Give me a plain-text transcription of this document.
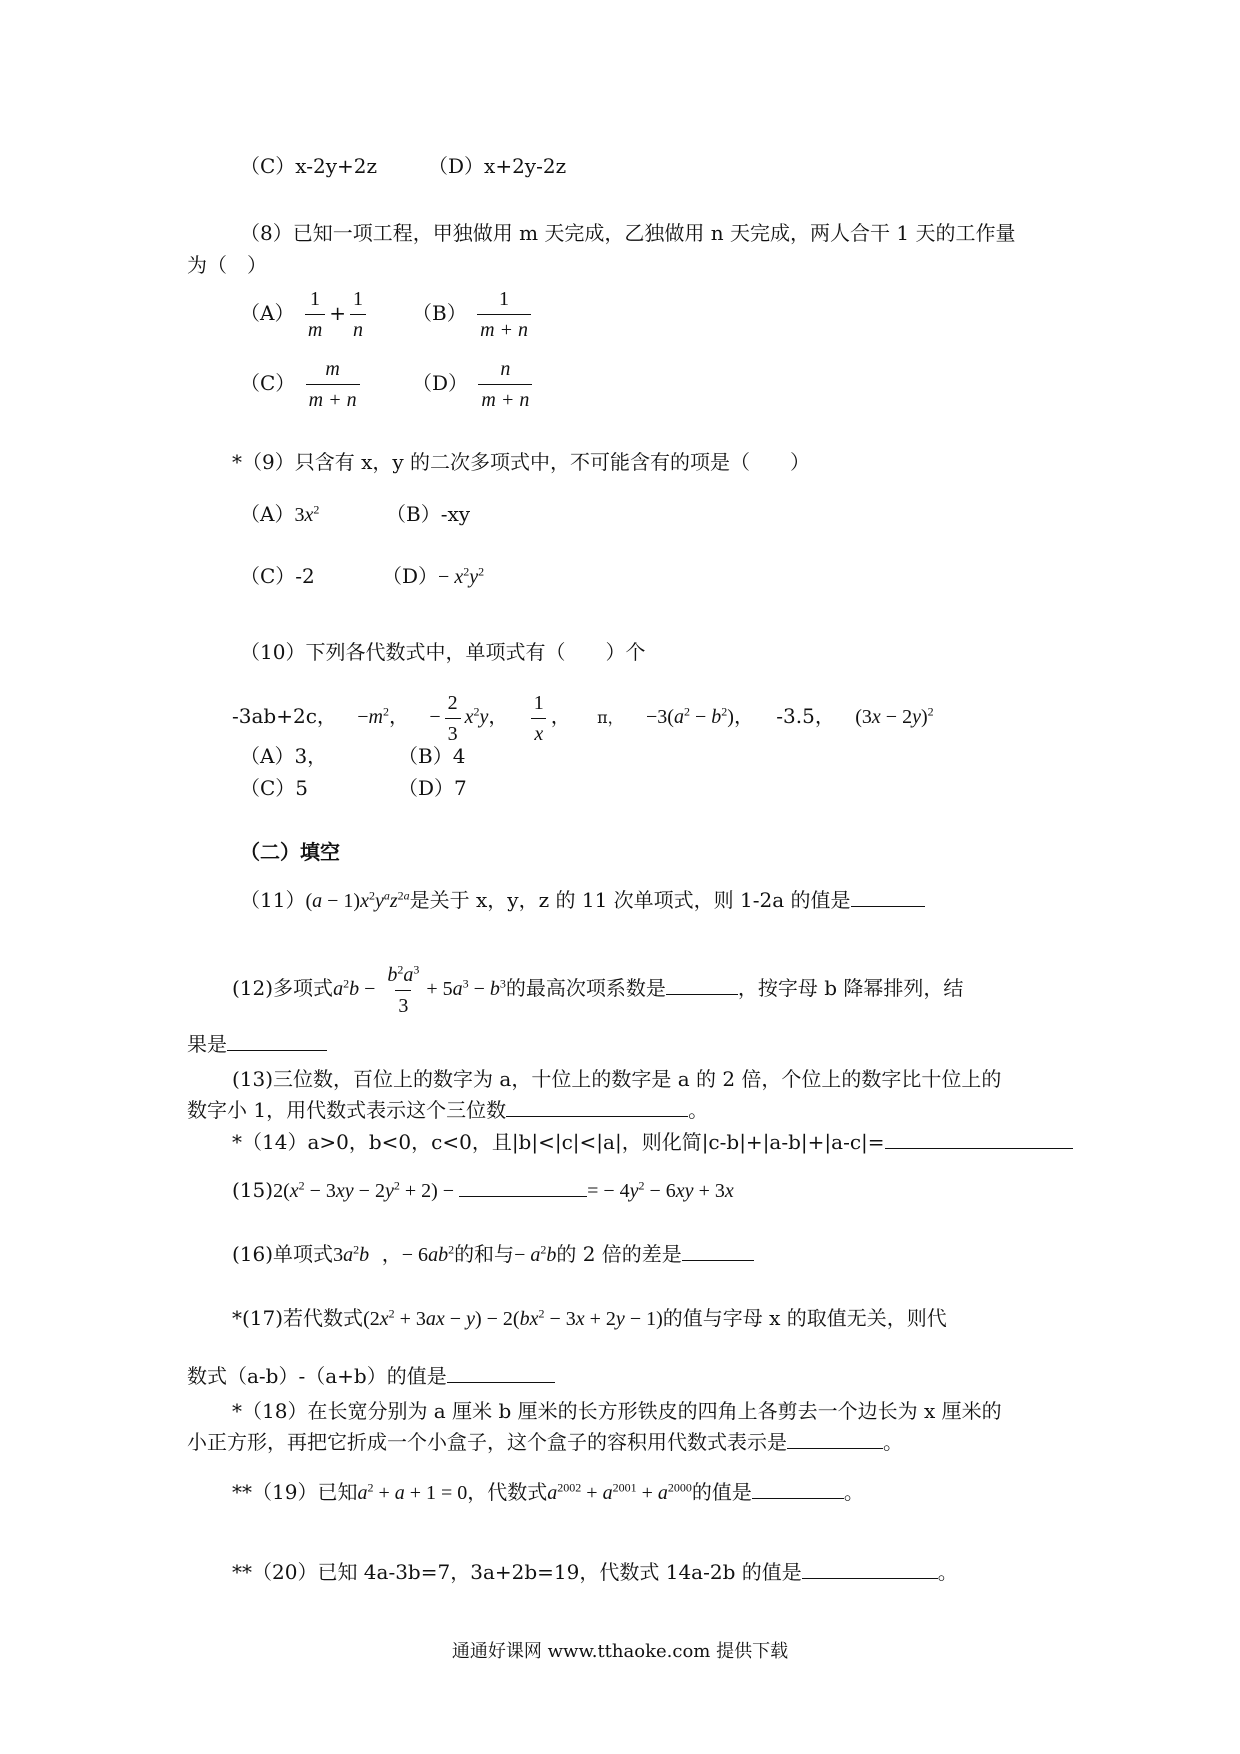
（C）x-2y+2z	（D）x+2y-2z
（8）已知一项工程，甲独做用 m 天完成，乙独做用 n 天完成，两人合干 1 天的工作量
为（　）
$(A) \frac{1}{m} + \frac{1}{n} (B) \frac{1}{m + n}$
$(C) \frac{m}{m + n}$	$(D) \frac{n}{m + n}$
*（9）只含有 x，y 的二次多项式中，不可能含有的项是（　　）
$(A)3x^2$	（B）-xy
（C）-2	$(D)- x^2y^2$
（10）下列各代数式中，单项式有（　　）个
-3ab+2c， $-m^2$， − $\frac{2}{3} x^2y$， $\frac{1}{x}$ ， π， $-3(a^2 - b^2)$， -3.5， $(3x - 2y)^2$
（A）3，	（B）4
（C）5	（D）7
（二）填空
$(11)(a - 1)x^2y^az^{2a}$是关于 x，y，z 的 11 次单项式，则 1-2a 的值是
(12)多项式$a^2b - \frac{b^2a^3}{3} + 5a^3 - b^3$的最高次项系数是	，按字母 b 降幂排列，结
果是
(13)三位数，百位上的数字为 a，十位上的数字是 a 的 2 倍，个位上的数字比十位上的
数字小 1，用代数式表示这个三位数	。
*（14）a>0，b<0，c<0，且|b|<|c|<|a|，则化简|c-b|+|a-b|+|a-c|=
$(15)2(x^2 - 3xy - 2y^2 + 2)$ −	= − $4y^2 - 6xy + 3x$
(16)单项式$3a^2b$ ，− $6ab^2$的和与− $a^2b$的 2 倍的差是
*(17)若代数式$(2x^2 + 3ax - y) - 2(bx^2 - 3x + 2y - 1)$的值与字母 x 的取值无关，则代
数式（a-b）-（a+b）的值是
*（18）在长宽分别为 a 厘米 b 厘米的长方形铁皮的四角上各剪去一个边长为 x 厘米的
小正方形，再把它折成一个小盒子，这个盒子的容积用代数式表示是	。
**（19）已知$a^2 + a + 1 = 0$，代数式$a^{2002} + a^{2001} + a^{2000}$的值是	。
**（20）已知 4a-3b=7，3a+2b=19，代数式 14a-2b 的值是	。
通通好课网 www.tthaoke.com 提供下载
